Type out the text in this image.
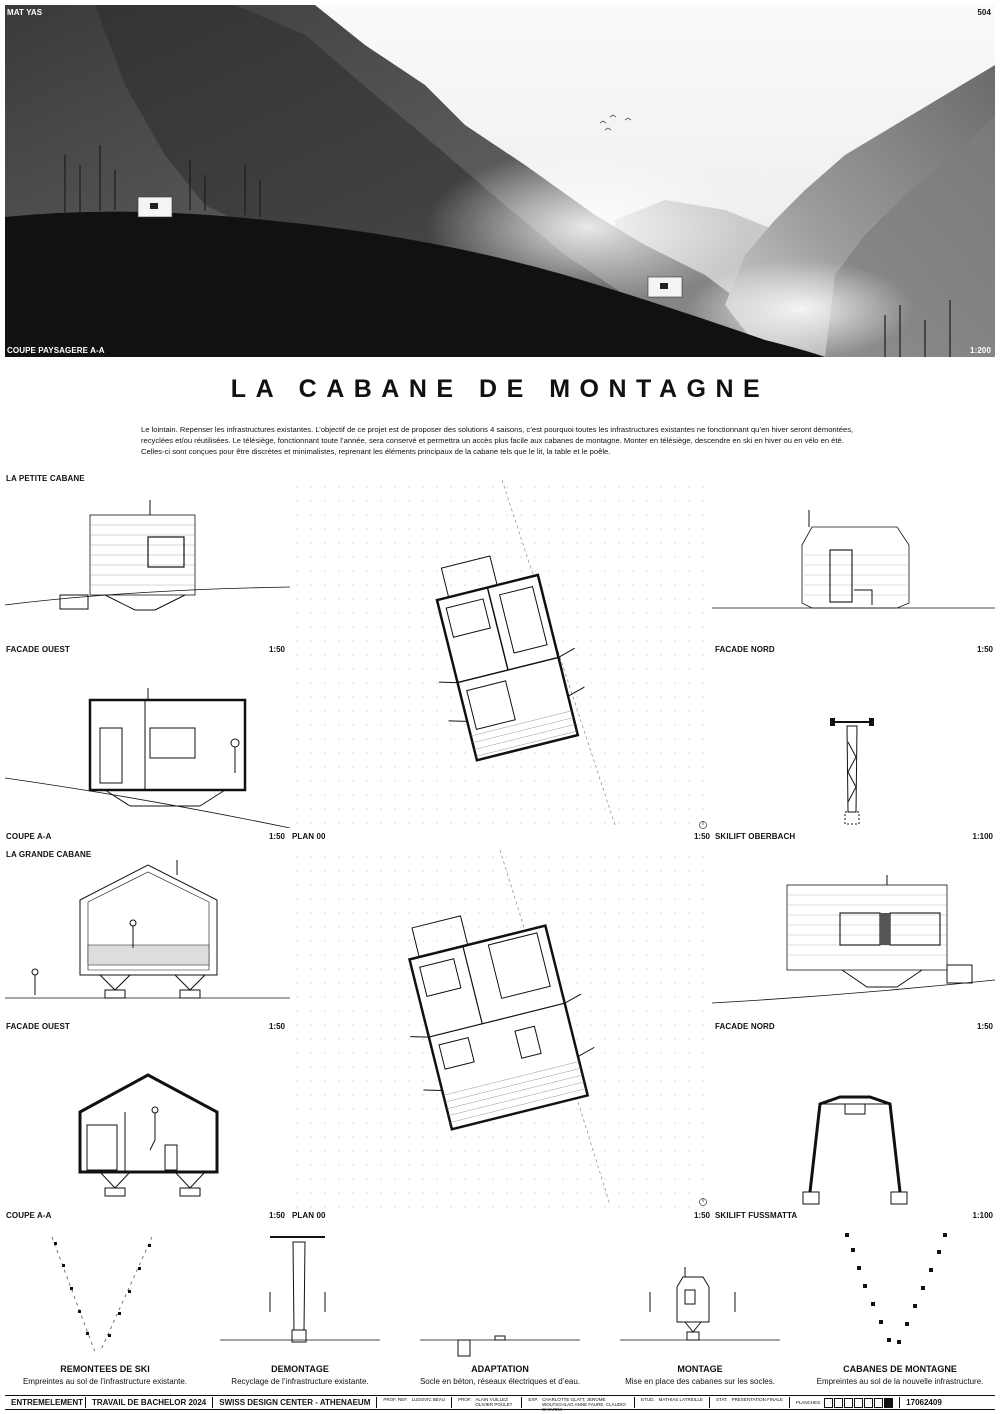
MAT YAS	504
COUPE PAYSAGERE A-A	1:200
LA CABANE DE MONTAGNE
Le lointain. Repenser les infrastructures existantes. L’objectif de ce projet est de proposer des solutions 4 saisons, c’est pourquoi toutes les infrastructures existantes ne fonctionnant qu’en hiver seront démontées, recyclées et/ou réutilisées. Le télésiège, fonctionnant toute l’année, sera conservé et permettra un accès plus facile aux cabanes de montagne. Monter en télésiège, descendre en ski en hiver ou en vélo en été. Celles-ci sont conçues pour être discrètes et minimalistes, reprenant les éléments principaux de la cabane tels que le lit, la table et le poêle.
LA PETITE CABANE
FACADE OUEST	1:50
COUPE A-A	1:50 PLAN 00	1:50
FACADE NORD	1:50
SKILIFT OBERBACH	1:100
LA GRANDE CABANE
FACADE OUEST	1:50
COUPE A-A	1:50 PLAN 00	1:50
FACADE NORD	1:50
SKILIFT FUSSMATTA	1:100
REMONTEES DE SKI
Empreintes au sol de l’infrastructure existante.
DEMONTAGE
Recyclage de l’infrastructure existante.
ADAPTATION
Socle en béton, réseaux électriques et d’eau.
MONTAGE
Mise en place des cabanes sur les socles.
CABANES DE MONTAGNE
Empreintes au sol de la nouvelle infrastructure.
ENTREMELEMENT	TRAVAIL DE BACHELOR 2024	SWISS DESIGN CENTER - ATHENAEUM	PROF. REF. LUDOVIC BEAU	PROF. ALAIN VUILLEZ OLIVIER POULET
EXP. CHARLOTTE GLATT, JEROME WOLFSCHLAG ANNE FAURE, CLAUDIO CHIARINI
ETUD. MATHIAS LATREILLE	STAT. PRESENTATION FINALE
PLANCHES	17062409
